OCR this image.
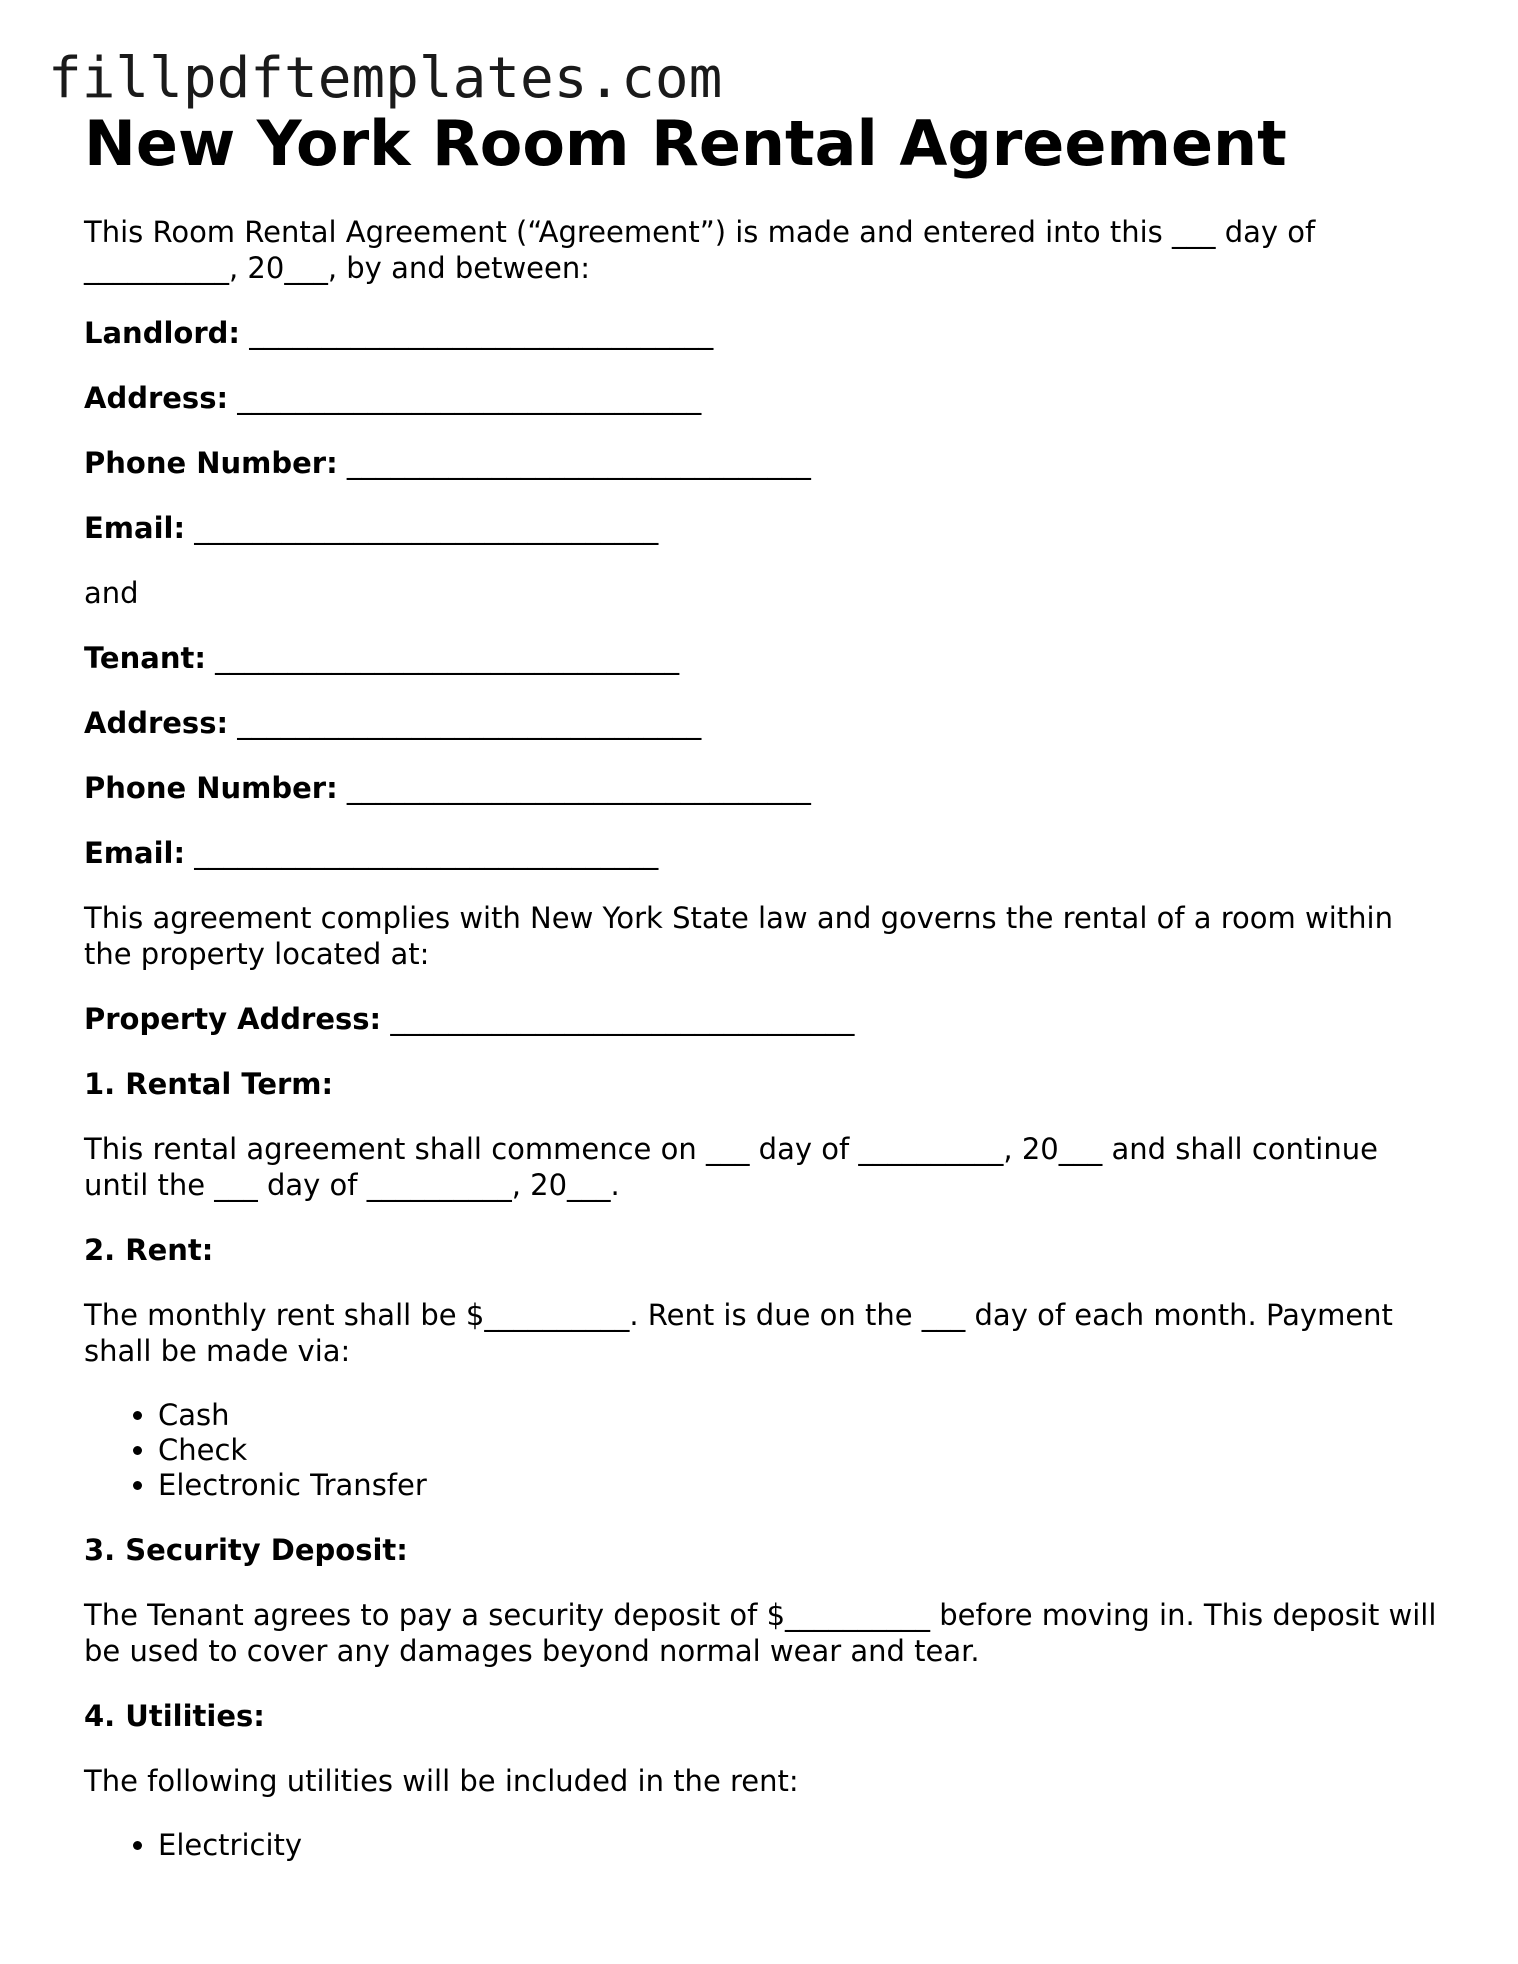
fillpdftemplates.com
New York Room Rental Agreement

This Room Rental Agreement (“Agreement”) is made and entered into this ___ day of __________, 20___, by and between:

Landlord: ________________________________
Address: ________________________________
Phone Number: ________________________________
Email: ________________________________

and

Tenant: ________________________________
Address: ________________________________
Phone Number: ________________________________
Email: ________________________________

This agreement complies with New York State law and governs the rental of a room within the property located at:

Property Address: ________________________________
1. Rental Term:

This rental agreement shall commence on ___ day of __________, 20___ and shall continue until the ___ day of __________, 20___.

2. Rent:

The monthly rent shall be $__________. Rent is due on the ___ day of each month. Payment shall be made via:

• Cash
• Check
• Electronic Transfer
3. Security Deposit:

The Tenant agrees to pay a security deposit of $__________ before moving in. This deposit will be used to cover any damages beyond normal wear and tear.

4. Utilities:

The following utilities will be included in the rent:

• Electricity
